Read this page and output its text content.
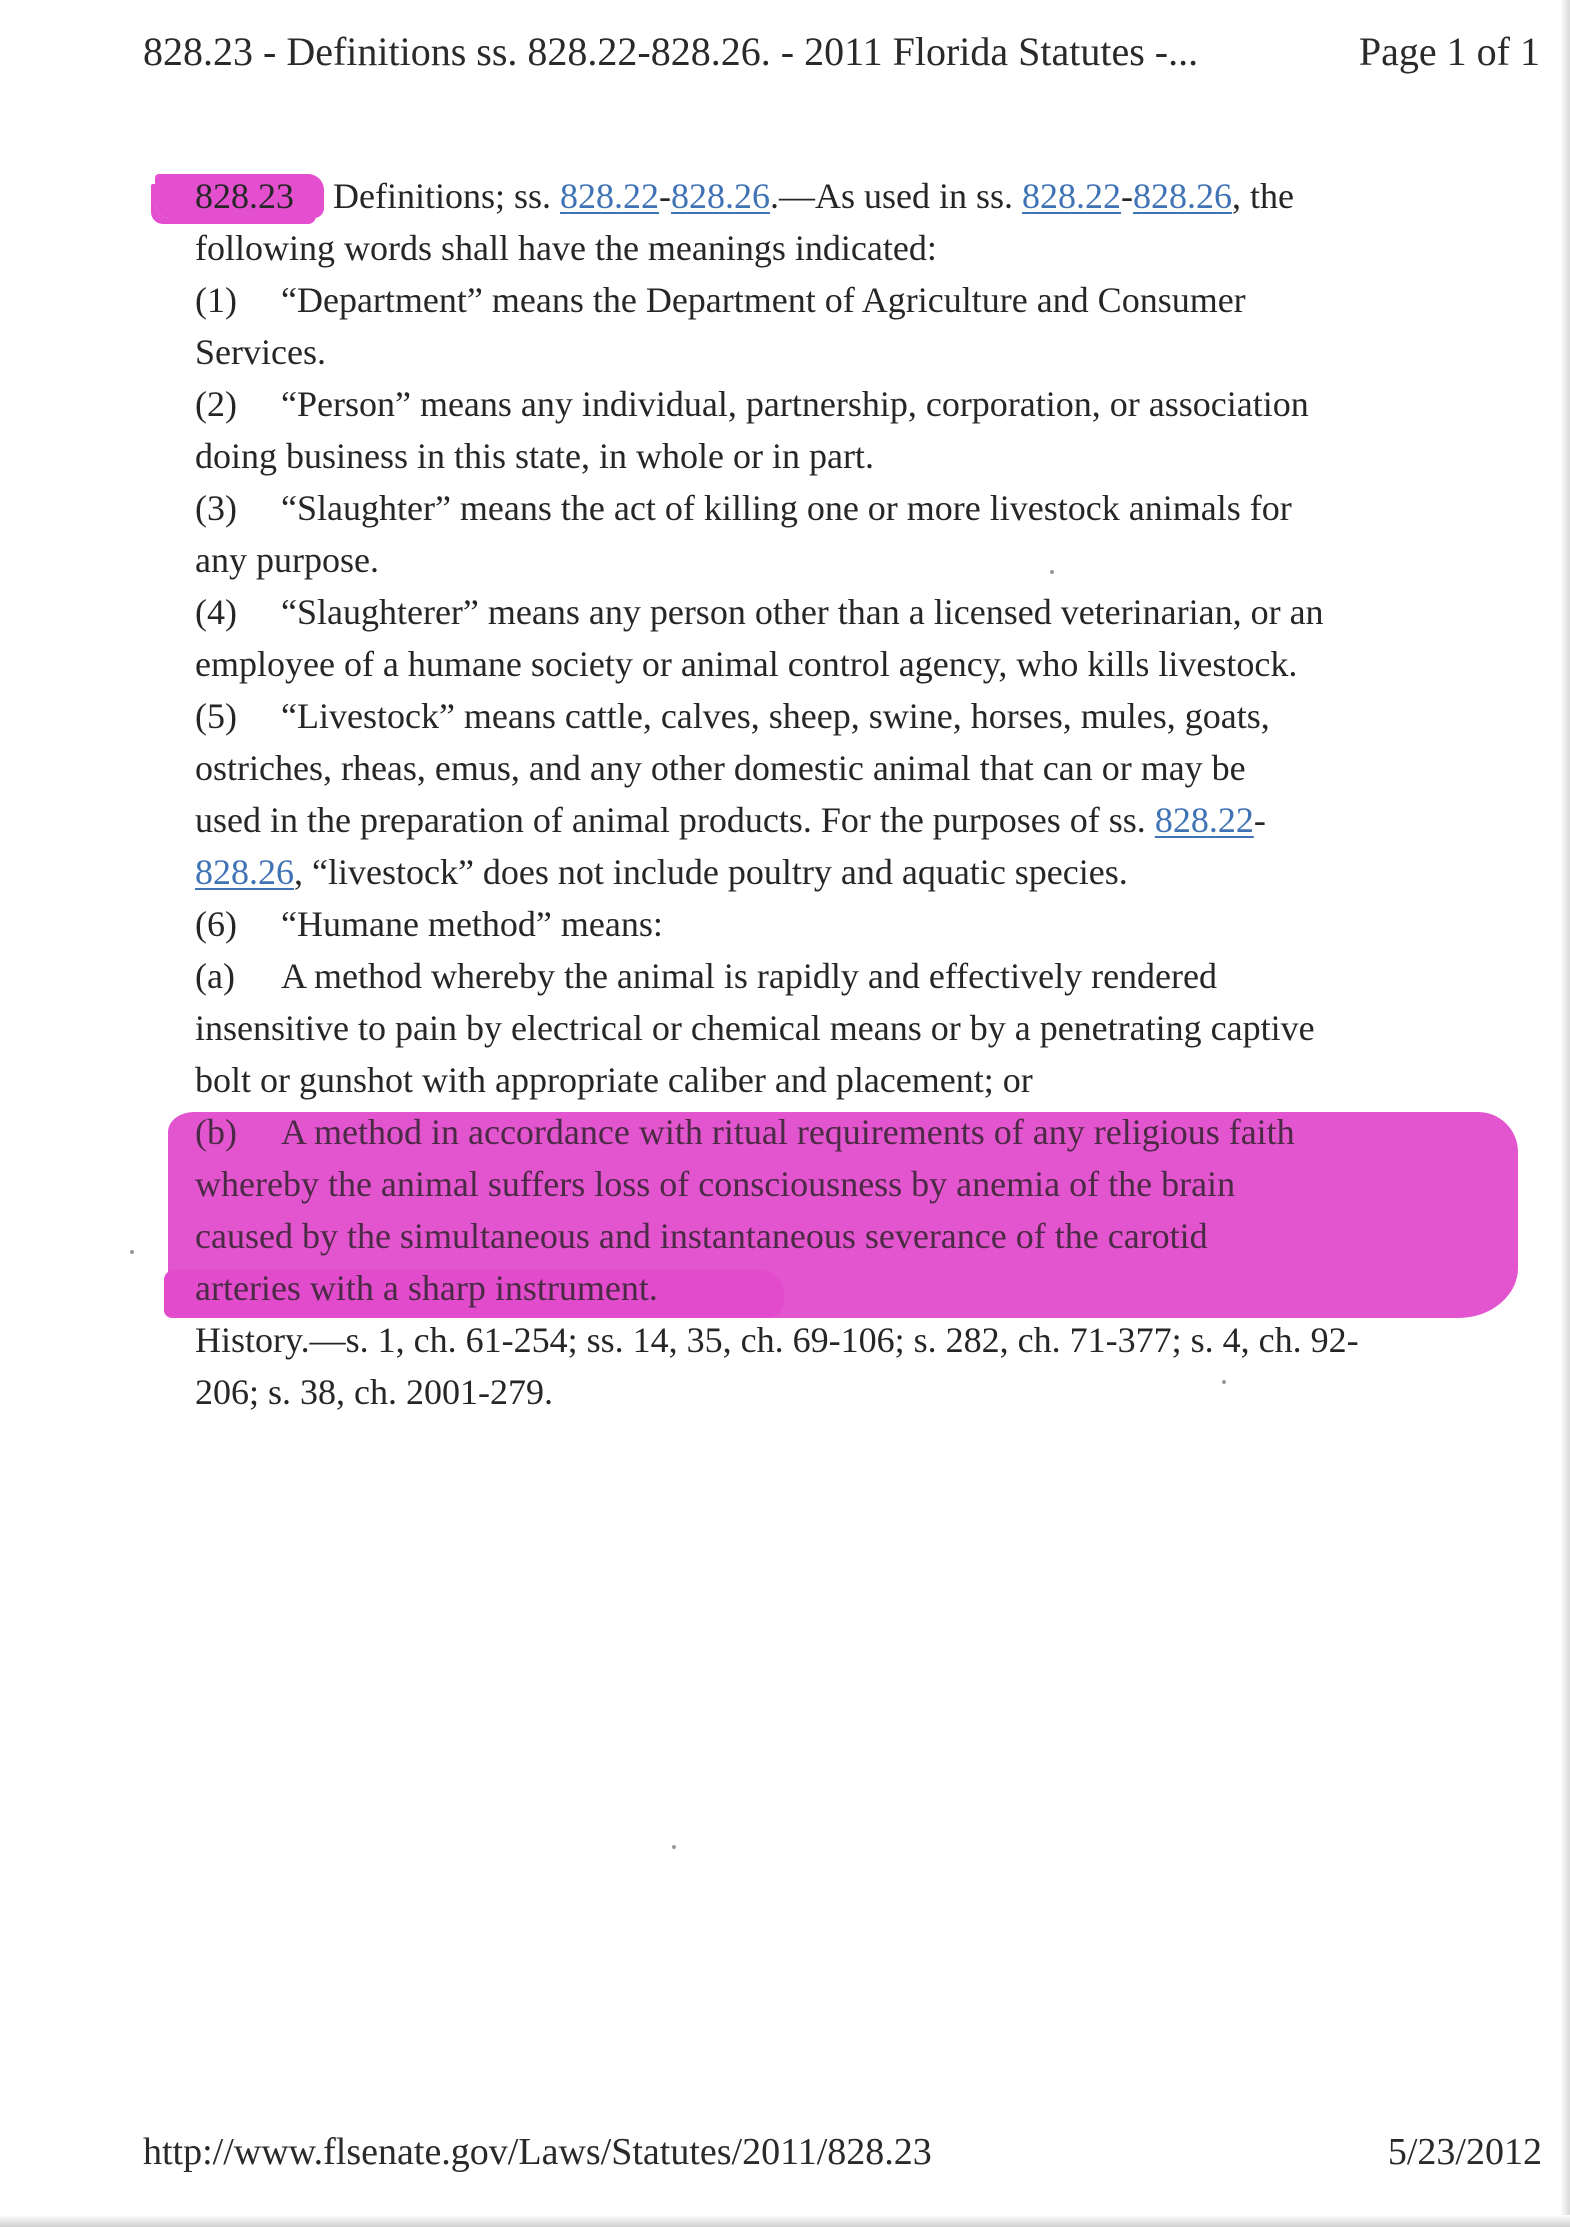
828.23 - Definitions ss. 828.22-828.26. - 2011 Florida Statutes -...	Page 1 of 1
828.23 Definitions; ss. 828.22-828.26.—As used in ss. 828.22-828.26, the
following words shall have the meanings indicated:
(1) “Department” means the Department of Agriculture and Consumer
Services.
(2) “Person” means any individual, partnership, corporation, or association
doing business in this state, in whole or in part.
(3) “Slaughter” means the act of killing one or more livestock animals for
any purpose.
(4) “Slaughterer” means any person other than a licensed veterinarian, or an
employee of a humane society or animal control agency, who kills livestock.
(5) “Livestock” means cattle, calves, sheep, swine, horses, mules, goats,
ostriches, rheas, emus, and any other domestic animal that can or may be
used in the preparation of animal products. For the purposes of ss. 828.22-
828.26, “livestock” does not include poultry and aquatic species.
(6) “Humane method” means:
(a) A method whereby the animal is rapidly and effectively rendered
insensitive to pain by electrical or chemical means or by a penetrating captive
bolt or gunshot with appropriate caliber and placement; or
(b) A method in accordance with ritual requirements of any religious faith
whereby the animal suffers loss of consciousness by anemia of the brain
caused by the simultaneous and instantaneous severance of the carotid
arteries with a sharp instrument.
History.—s. 1, ch. 61-254; ss. 14, 35, ch. 69-106; s. 282, ch. 71-377; s. 4, ch. 92-
206; s. 38, ch. 2001-279.
http://www.flsenate.gov/Laws/Statutes/2011/828.23	5/23/2012
